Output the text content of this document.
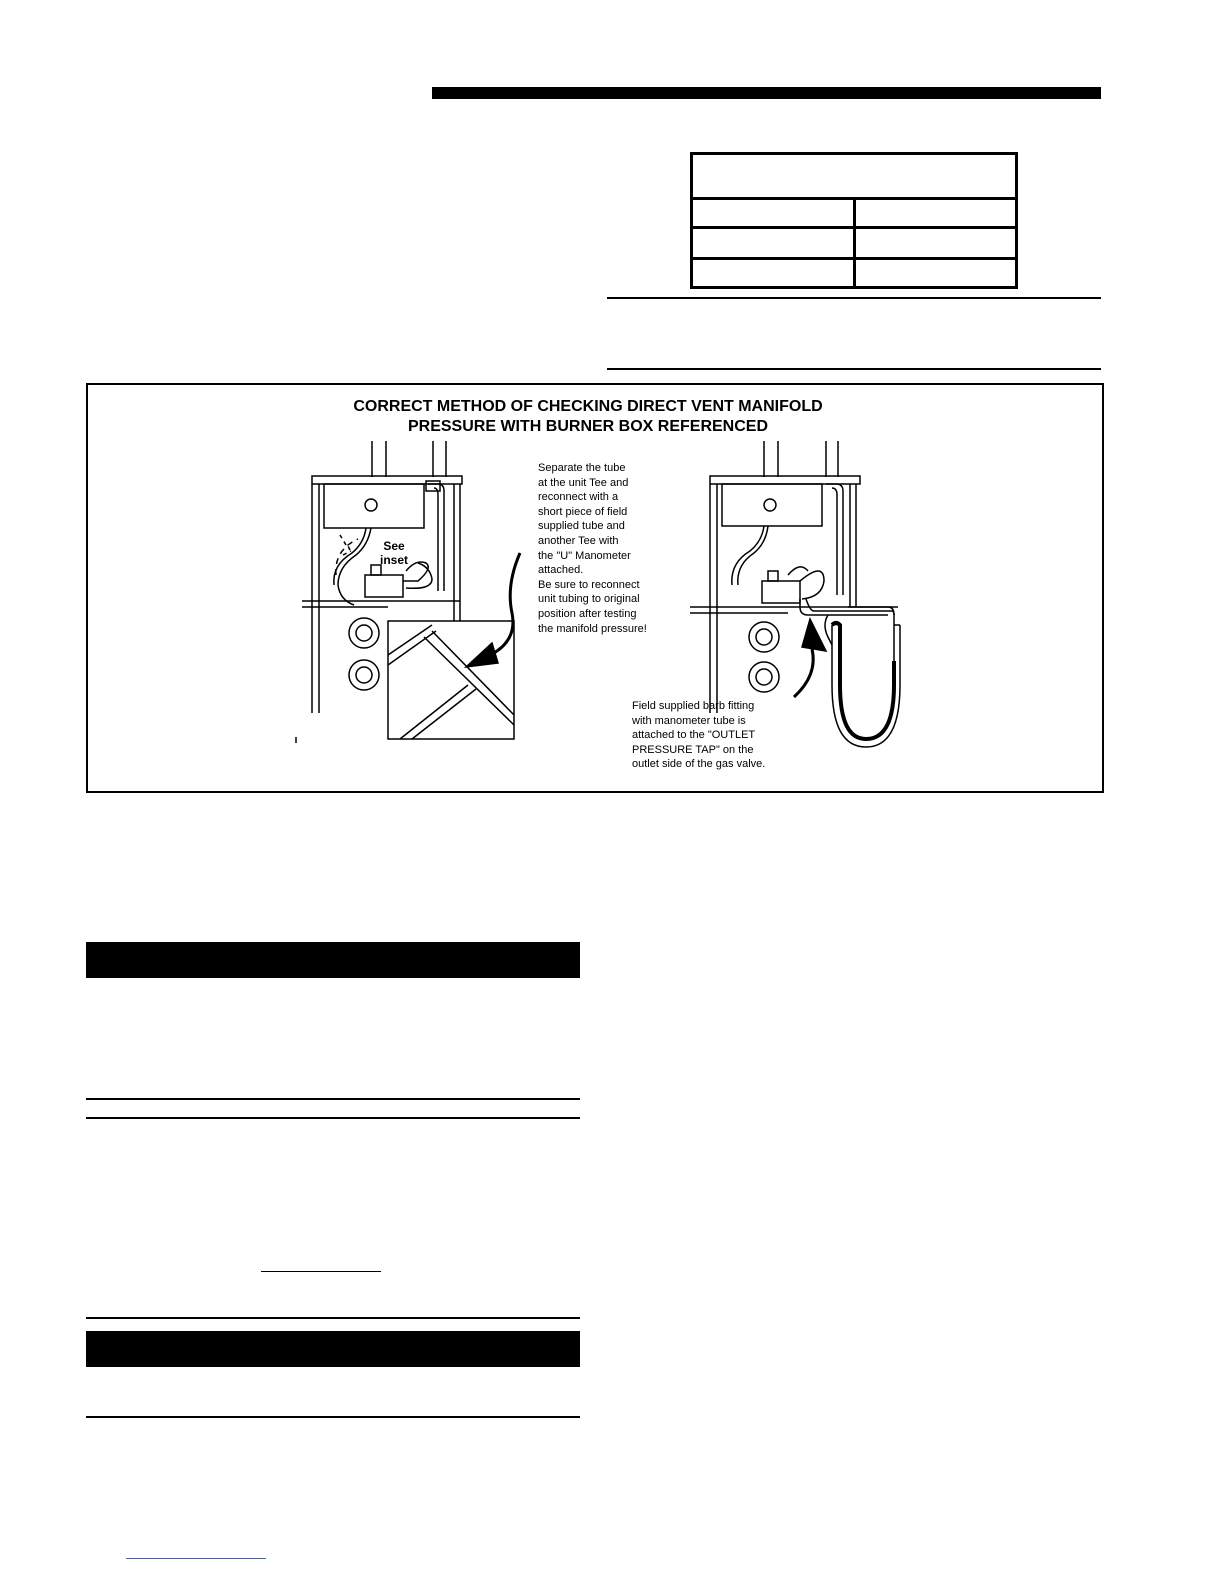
CORRECT METHOD OF CHECKING DIRECT VENT MANIFOLD
PRESSURE WITH BURNER BOX REFERENCED
See
inset
Separate the tube
at the unit Tee and
reconnect with a
short piece of field
supplied tube and
another Tee with
the "U" Manometer
attached.
Be sure to reconnect
unit tubing to original
position after testing
the manifold pressure!
Field supplied barb fitting
with manometer tube is
attached to the "OUTLET
PRESSURE TAP" on the
outlet side of the gas valve.
